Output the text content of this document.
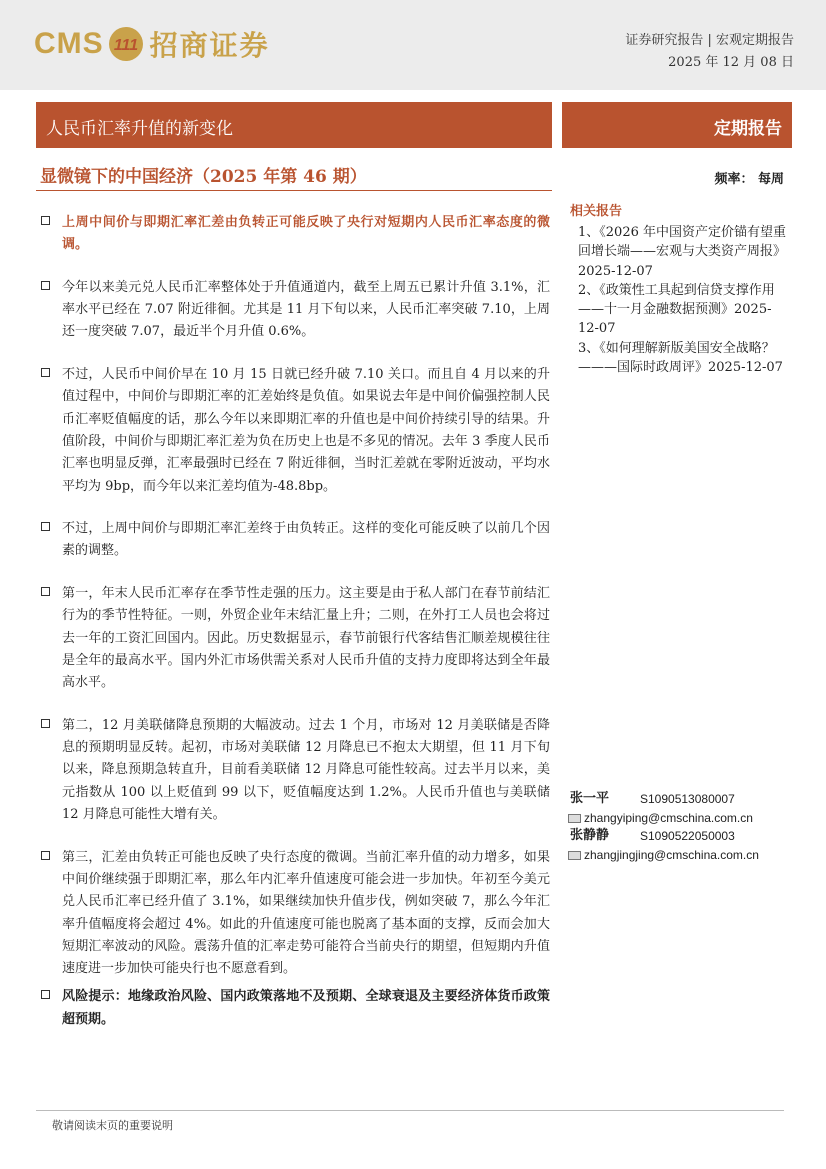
CMS 111 招商证券	证券研究报告 | 宏观定期报告
2025 年 12 月 08 日
人民币汇率升值的新变化	定期报告
显微镜下的中国经济（2025 年第 46 期）	频率： 每周
上周中间价与即期汇率汇差由负转正可能反映了央行对短期内人民币汇率态度的微调。
今年以来美元兑人民币汇率整体处于升值通道内，截至上周五已累计升值 3.1%，汇率水平已经在 7.07 附近徘徊。尤其是 11 月下旬以来，人民币汇率突破 7.10，上周还一度突破 7.07，最近半个月升值 0.6%。
不过，人民币中间价早在 10 月 15 日就已经升破 7.10 关口。而且自 4 月以来的升值过程中，中间价与即期汇率的汇差始终是负值。如果说去年是中间价偏强控制人民币汇率贬值幅度的话，那么今年以来即期汇率的升值也是中间价持续引导的结果。升值阶段，中间价与即期汇率汇差为负在历史上也是不多见的情况。去年 3 季度人民币汇率也明显反弹，汇率最强时已经在 7 附近徘徊，当时汇差就在零附近波动，平均水平均为 9bp，而今年以来汇差均值为-48.8bp。
不过，上周中间价与即期汇率汇差终于由负转正。这样的变化可能反映了以前几个因素的调整。
第一，年末人民币汇率存在季节性走强的压力。这主要是由于私人部门在春节前结汇行为的季节性特征。一则，外贸企业年末结汇量上升；二则，在外打工人员也会将过去一年的工资汇回国内。因此。历史数据显示，春节前银行代客结售汇顺差规模往往是全年的最高水平。国内外汇市场供需关系对人民币升值的支持力度即将达到全年最高水平。
第二，12 月美联储降息预期的大幅波动。过去 1 个月，市场对 12 月美联储是否降息的预期明显反转。起初，市场对美联储 12 月降息已不抱太大期望，但 11 月下旬以来，降息预期急转直升，目前看美联储 12 月降息可能性较高。过去半月以来，美元指数从 100 以上贬值到 99 以下，贬值幅度达到 1.2%。人民币升值也与美联储 12 月降息可能性大增有关。
第三，汇差由负转正可能也反映了央行态度的微调。当前汇率升值的动力增多，如果中间价继续强于即期汇率，那么年内汇率升值速度可能会进一步加快。年初至今美元兑人民币汇率已经升值了 3.1%，如果继续加快升值步伐，例如突破 7，那么今年汇率升值幅度将会超过 4%。如此的升值速度可能也脱离了基本面的支撑，反而会加大短期汇率波动的风险。震荡升值的汇率走势可能符合当前央行的期望，但短期内升值速度进一步加快可能央行也不愿意看到。
风险提示：地缘政治风险、国内政策落地不及预期、全球衰退及主要经济体货币政策超预期。
相关报告

1、《2026 年中国资产定价锚有望重回增长端——宏观与大类资产周报》2025-12-07

2、《政策性工具起到信贷支撑作用——十一月金融数据预测》2025-12-07

3、《如何理解新版美国安全战略？———国际时政周评》2025-12-07

张一平	S1090513080007
zhangyiping@cmschina.com.cn
张静静	S1090522050003
zhangjingjing@cmschina.com.cn
敬请阅读末页的重要说明
